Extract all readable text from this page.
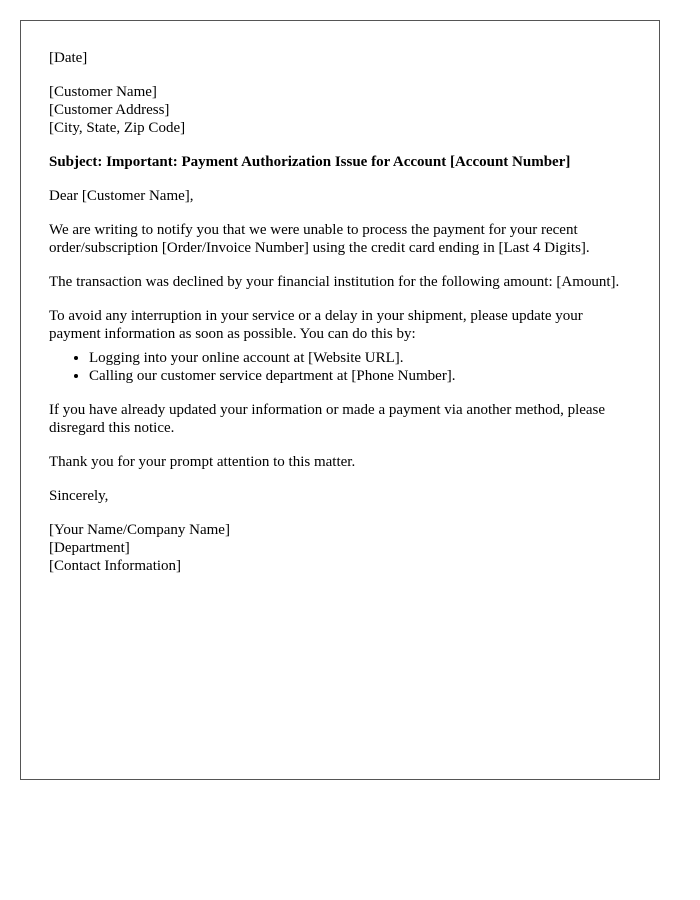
[Date]
[Customer Name]
[Customer Address]
[City, State, Zip Code]
Subject: Important: Payment Authorization Issue for Account [Account Number]
Dear [Customer Name],
We are writing to notify you that we were unable to process the payment for your recent order/subscription [Order/Invoice Number] using the credit card ending in [Last 4 Digits].
The transaction was declined by your financial institution for the following amount: [Amount].
To avoid any interruption in your service or a delay in your shipment, please update your payment information as soon as possible. You can do this by:
• Logging into your online account at [Website URL].
• Calling our customer service department at [Phone Number].
If you have already updated your information or made a payment via another method, please disregard this notice.
Thank you for your prompt attention to this matter.
Sincerely,
[Your Name/Company Name]
[Department]
[Contact Information]
